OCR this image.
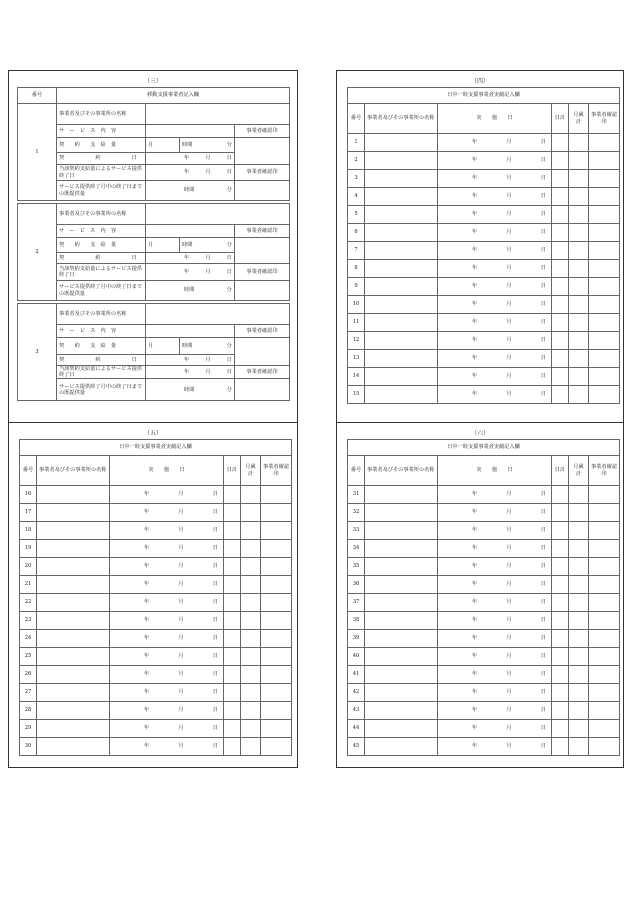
（三）
番号	移動支援事業者記入欄
1	事業者及びその事業所の名称			
	サ　ー　ビ　ス　内　容			事業者確認印
	契　　約　　支　給　量	月	時間 分	

	契　　　　　　約　　　　　　日	年 月 日		

	当該契約支給量によるサービス提供終了日	年 月 日		事業者確認印
	サービス提供終了月中の終了日までの既提供量	時間 分		

2	事業者及びその事業所の名称			
	サ　ー　ビ　ス　内　容			事業者確認印
	契　　約　　支　給　量	月	時間 分	

	契　　　　　　約　　　　　　日	年 月 日		

	当該契約支給量によるサービス提供終了日	年 月 日		事業者確認印
	サービス提供終了月中の終了日までの既提供量	時間 分		

3	事業者及びその事業所の名称			
	サ　ー　ビ　ス　内　容			事業者確認印
	契　　約　　支　給　量	月	時間 分	

	契　　　　　　約　　　　　　日	年 月 日		

	当該契約支給量によるサービス提供終了日	年 月 日		事業者確認印
	サービス提供終了月中の終了日までの既提供量	時間 分		

（四）
日中一時支援事業者実績記入欄					
番号	事業者及びその事業所の名称	実　　施　　日	日計	月累計	事業者確認印
1		年 月 日			

2		年 月 日			

3		年 月 日			

4		年 月 日			

5		年 月 日			

6		年 月 日			

7		年 月 日			

8		年 月 日			

9		年 月 日			

10		年 月 日			

11		年 月 日			

12		年 月 日			

13		年 月 日			

14		年 月 日			

15		年 月 日			

（五）
日中一時支援事業者実績記入欄					
番号	事業者及びその事業所の名称	実　　施　　日	日計	月累計	事業者確認印
16		年 月 日			

17		年 月 日			

18		年 月 日			

19		年 月 日			

20		年 月 日			

21		年 月 日			

22		年 月 日			

23		年 月 日			

24		年 月 日			

25		年 月 日			

26		年 月 日			

27		年 月 日			

28		年 月 日			

29		年 月 日			

30		年 月 日			

（六）
日中一時支援事業者実績記入欄					
番号	事業者及びその事業所の名称	実　　施　　日	日計	月累計	事業者確認印
31		年 月 日			

32		年 月 日			

33		年 月 日			

34		年 月 日			

35		年 月 日			

36		年 月 日			

37		年 月 日			

38		年 月 日			

39		年 月 日			

40		年 月 日			

41		年 月 日			

42		年 月 日			

43		年 月 日			

44		年 月 日			

45		年 月 日			
